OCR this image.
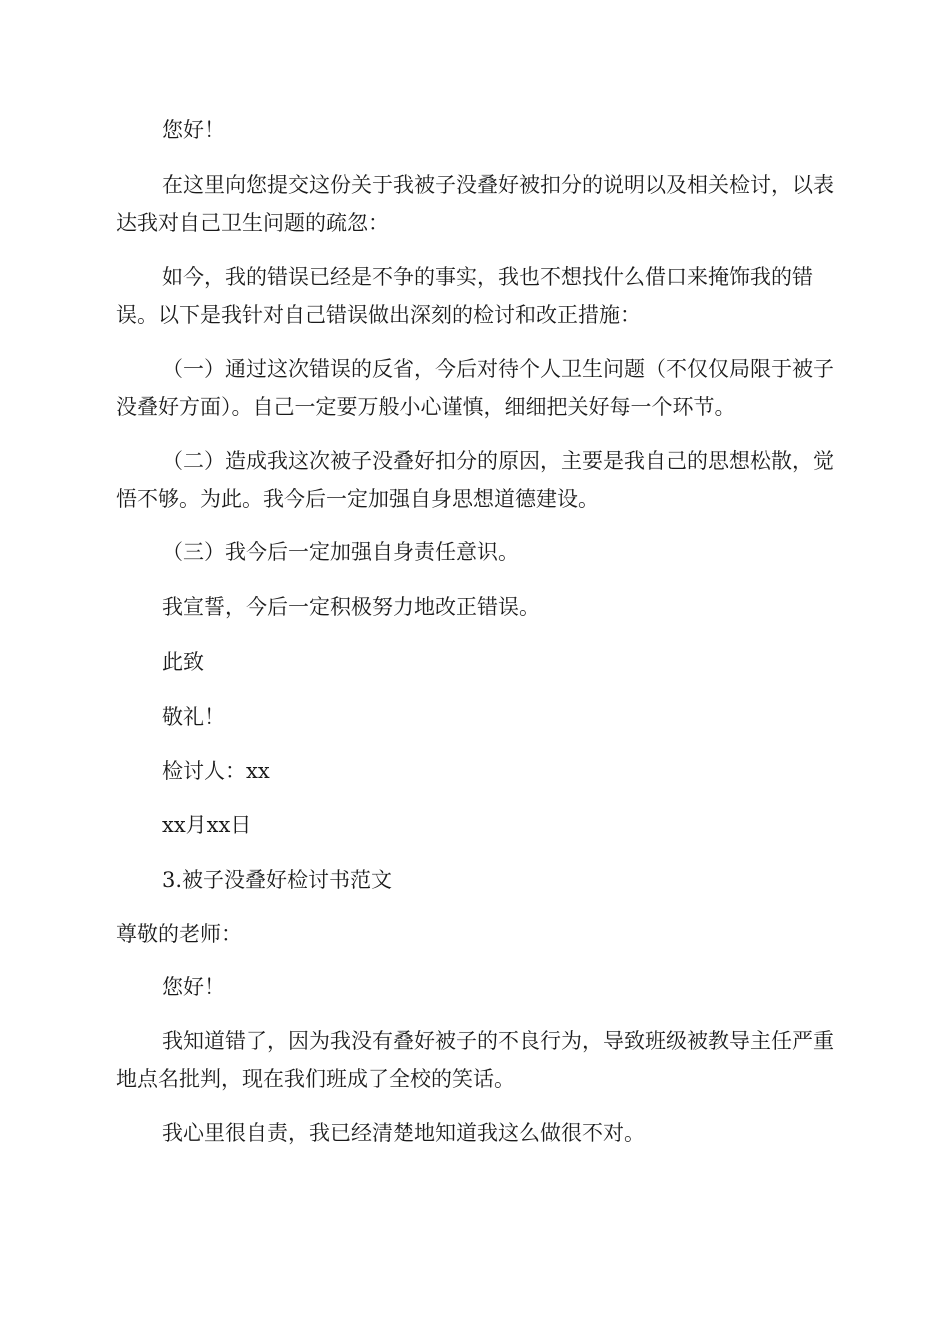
您好！

在这里向您提交这份关于我被子没叠好被扣分的说明以及相关检讨，以表达我对自己卫生问题的疏忽：

如今，我的错误已经是不争的事实，我也不想找什么借口来掩饰我的错误。以下是我针对自己错误做出深刻的检讨和改正措施：

（一）通过这次错误的反省，今后对待个人卫生问题（不仅仅局限于被子没叠好方面）。自己一定要万般小心谨慎，细细把关好每一个环节。

（二）造成我这次被子没叠好扣分的原因，主要是我自己的思想松散，觉悟不够。为此。我今后一定加强自身思想道德建设。

（三）我今后一定加强自身责任意识。

我宣誓，今后一定积极努力地改正错误。

此致

敬礼！

检讨人：xx

xx月xx日

3.被子没叠好检讨书范文

尊敬的老师：

您好！

我知道错了，因为我没有叠好被子的不良行为，导致班级被教导主任严重地点名批判，现在我们班成了全校的笑话。

我心里很自责，我已经清楚地知道我这么做很不对。
